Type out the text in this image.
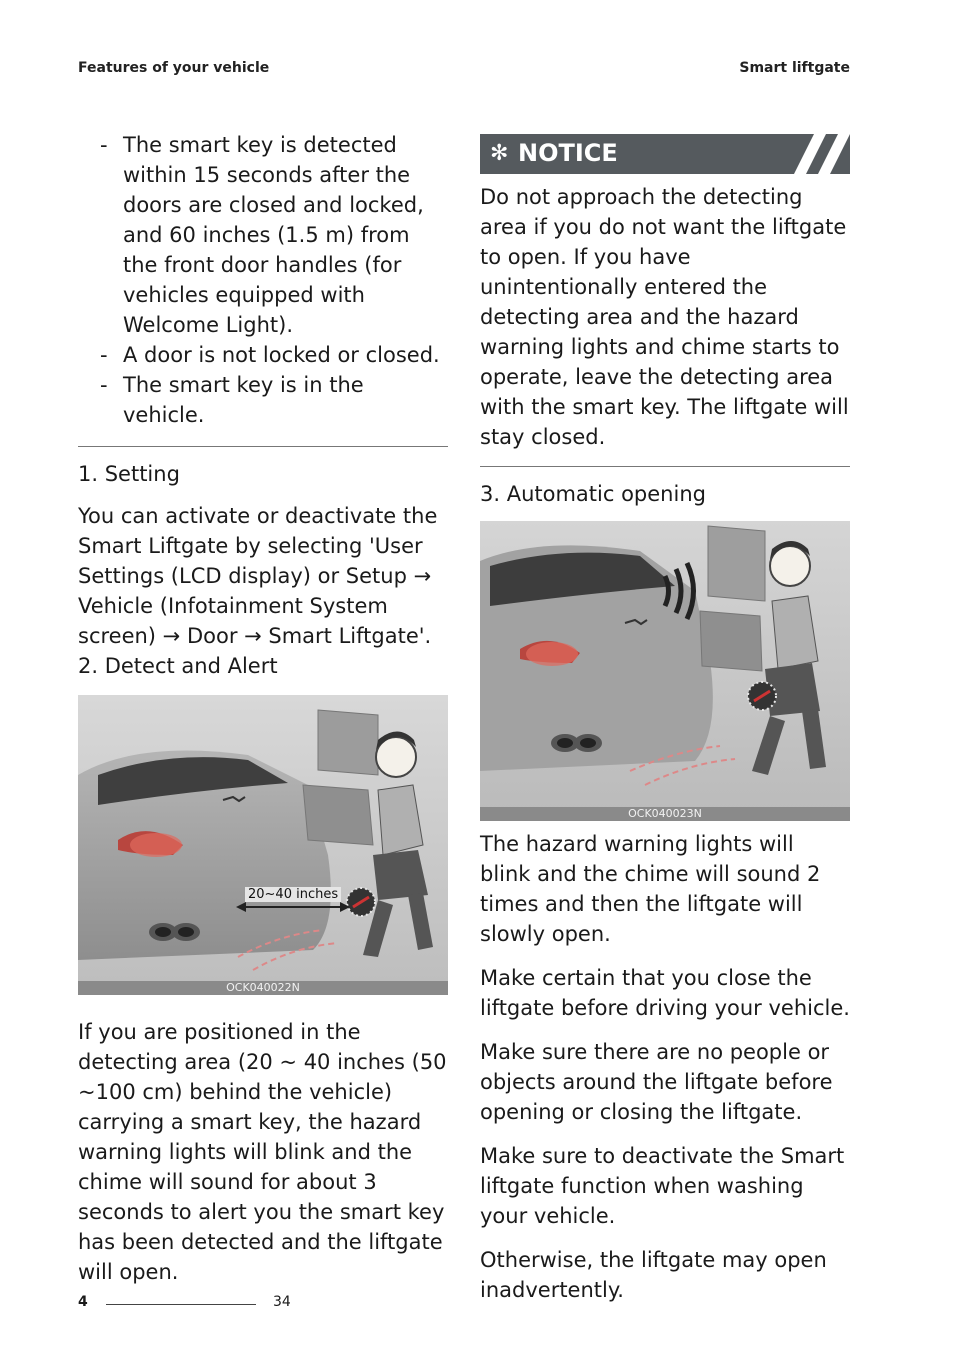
Features of your vehicle	Smart liftgate
- The smart key is detected within 15 seconds after the doors are closed and locked, and 60 inches (1.5 m) from the front door handles (for vehicles equipped with Welcome Light).
- A door is not locked or closed.
- The smart key is in the vehicle.

1. Setting

You can activate or deactivate the Smart Liftgate by selecting 'User Settings (LCD display) or Setup → Vehicle (Infotainment System screen) → Door → Smart Liftgate'.

2. Detect and Alert

20~40 inches
OCK040022N

If you are positioned in the detecting area (20 ~ 40 inches (50 ~100 cm) behind the vehicle) carrying a smart key, the hazard warning lights will blink and the chime will sound for about 3 seconds to alert you the smart key has been detected and the liftgate will open.

✻ NOTICE

Do not approach the detecting area if you do not want the liftgate to open. If you have unintentionally entered the detecting area and the hazard warning lights and chime starts to operate, leave the detecting area with the smart key. The liftgate will stay closed.

3. Automatic opening

OCK040023N

The hazard warning lights will blink and the chime will sound 2 times and then the liftgate will slowly open.

Make certain that you close the liftgate before driving your vehicle.

Make sure there are no people or objects around the liftgate before opening or closing the liftgate.

Make sure to deactivate the Smart liftgate function when washing your vehicle.

Otherwise, the liftgate may open inadvertently.

4	34
